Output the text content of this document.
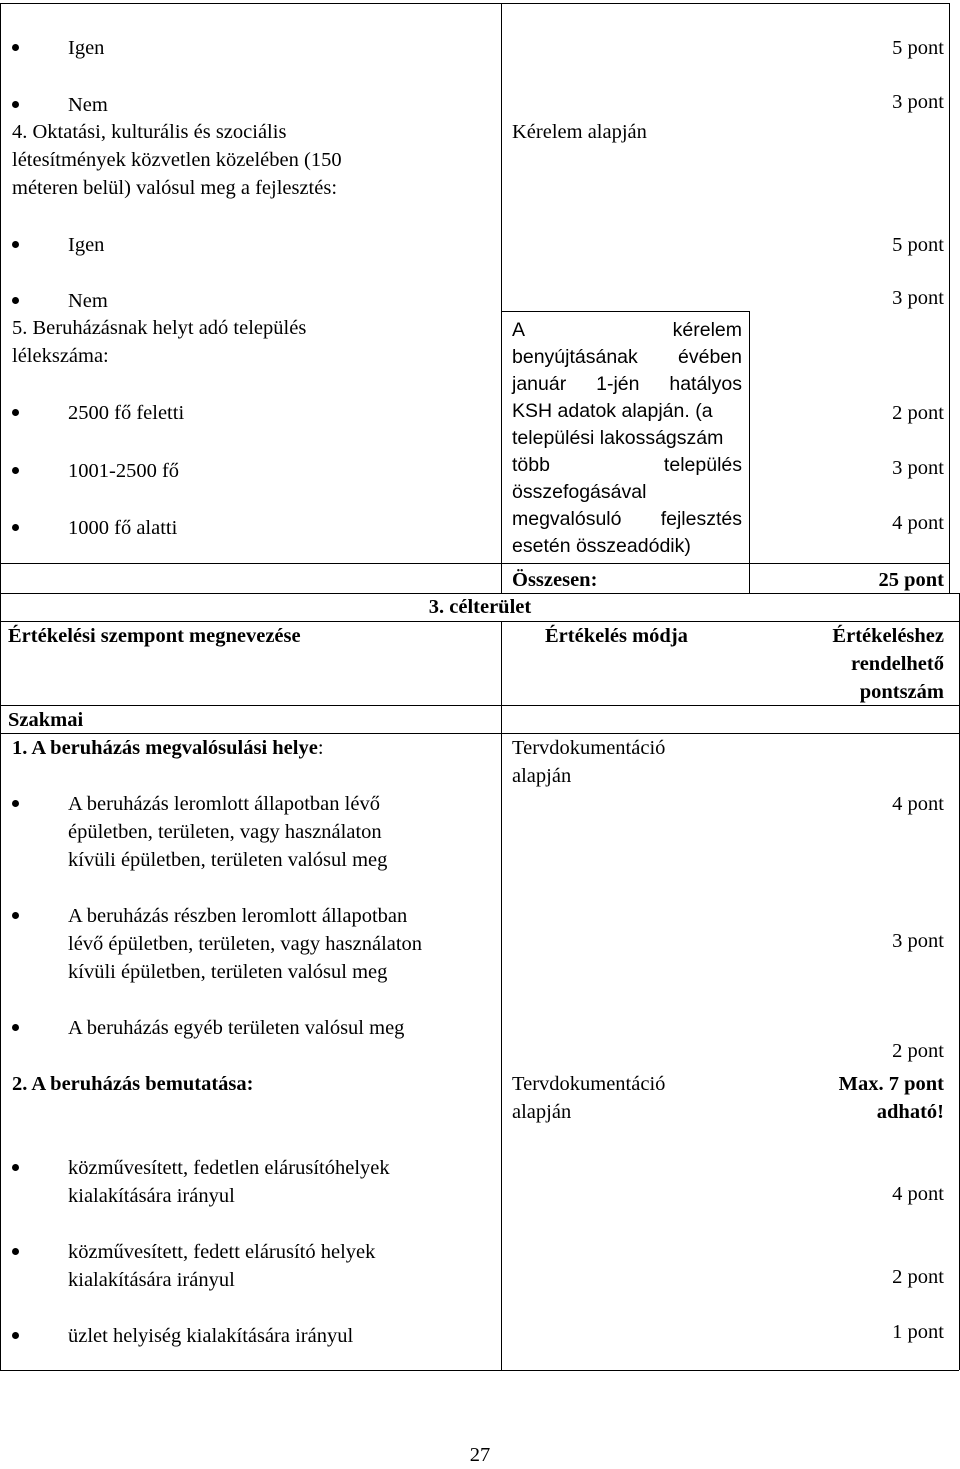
Igen	5 pont
Nem	3 pont
4. Oktatási, kulturális és szociális
létesítmények közvetlen közelében (150
méteren belül) valósul meg a fejlesztés:
Kérelem alapján
Igen	5 pont
Nem	3 pont
5. Beruházásnak helyt adó település
lélekszáma:
A kérelem
benyújtásának évében
január 1-jén hatályos
KSH adatok alapján. (a
települési lakosságszám
több település
összefogásával
megvalósuló fejlesztés
esetén összeadódik)
2500 fő feletti	2 pont
1001-2500 fő	3 pont
1000 fő alatti	4 pont
Összesen:	25 pont
3. célterület
Értékelési szempont megnevezése	Értékelés módja	Értékeléshez
rendelhető
pontszám
Szakmai
1. A beruházás megvalósulási helye:	Tervdokumentáció
alapján
A beruházás leromlott állapotban lévő
épületben, területen, vagy használaton
kívüli épületben, területen valósul meg
4 pont
A beruházás részben leromlott állapotban
lévő épületben, területen, vagy használaton
kívüli épületben, területen valósul meg
3 pont
A beruházás egyéb területen valósul meg
2 pont
2. A beruházás bemutatása:	Tervdokumentáció
alapján
Max. 7 pont
adható!
közművesített, fedetlen elárusítóhelyek
kialakítására irányul	4 pont
közművesített, fedett elárusító helyek
kialakítására irányul	2 pont
üzlet helyiség kialakítására irányul	1 pont
27
